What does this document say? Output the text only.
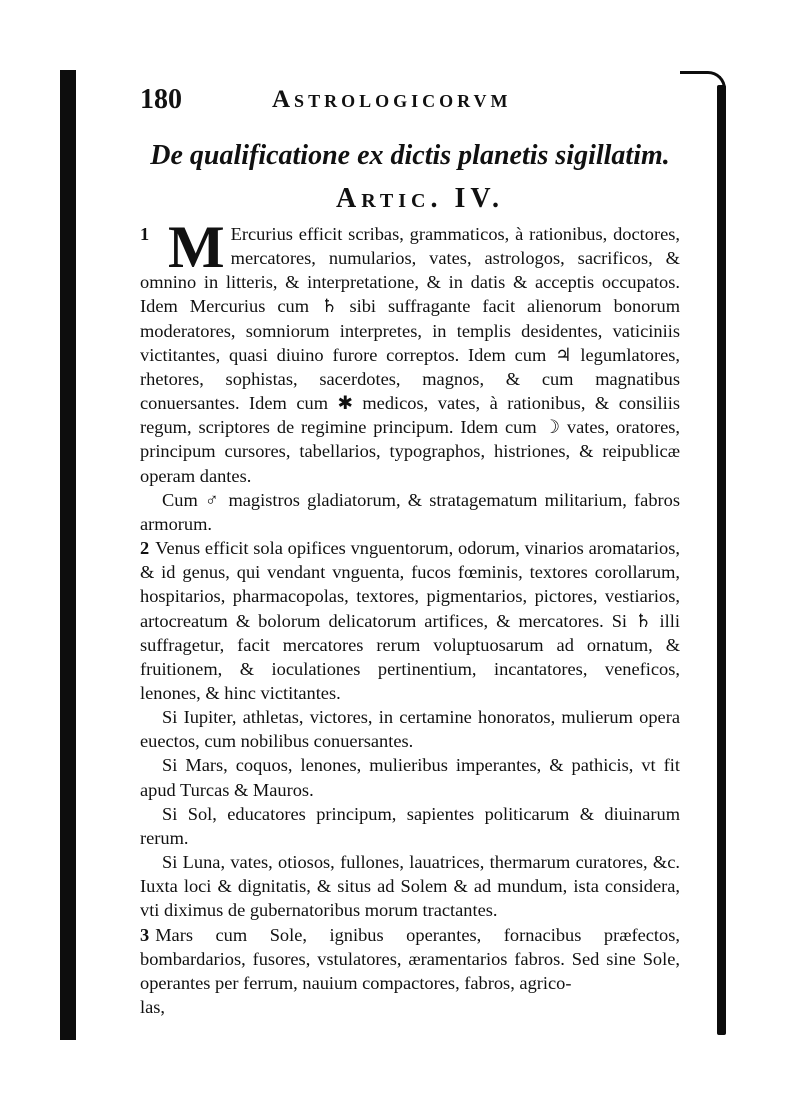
180	Astrologicorvm
De qualificatione ex dictis planetis sigillatim.
Artic. IV.

1 M Ercurius efficit scribas, grammaticos, à rationibus, doctores, mercatores, numularios, vates, astrologos, sacrificos, & omnino in litteris, & interpretatione, & in datis & acceptis occupatos. Idem Mercurius cum ♄ sibi suffragante facit alienorum bonorum moderatores, somniorum interpretes, in templis desidentes, vaticiniis victitantes, quasi diuino furore correptos. Idem cum ♃ legumlatores, rhetores, sophistas, sacerdotes, magnos, & cum magnatibus conuersantes. Idem cum ✱ medicos, vates, à rationibus, & consiliis regum, scriptores de regimine principum. Idem cum ☽ vates, oratores, principum cursores, tabellarios, typographos, histriones, & reipublicæ operam dantes.

Cum ♂ magistros gladiatorum, & stratagematum militarium, fabros armorum.

2 Venus efficit sola opifices vnguentorum, odorum, vinarios aromatarios, & id genus, qui vendant vnguenta, fucos fœminis, textores corollarum, hospitarios, pharmacopolas, textores, pigmentarios, pictores, vestiarios, artocreatum & bolorum delicatorum artifices, & mercatores. Si ♄ illi suffragetur, facit mercatores rerum voluptuosarum ad ornatum, & fruitionem, & ioculationes pertinentium, incantatores, veneficos, lenones, & hinc victitantes.

Si Iupiter, athletas, victores, in certamine honoratos, mulierum opera euectos, cum nobilibus conuersantes.

Si Mars, coquos, lenones, mulieribus imperantes, & pathicis, vt fit apud Turcas & Mauros.

Si Sol, educatores principum, sapientes politicarum & diuinarum rerum.

Si Luna, vates, otiosos, fullones, lauatrices, thermarum curatores, &c. Iuxta loci & dignitatis, & situs ad Solem & ad mundum, ista considera, vti diximus de gubernatoribus morum tractantes.

3 Mars cum Sole, ignibus operantes, fornacibus præfectos, bombardarios, fusores, vstulatores, æramentarios fabros. Sed sine Sole, operantes per ferrum, nauium compactores, fabros, agrico-

las,
